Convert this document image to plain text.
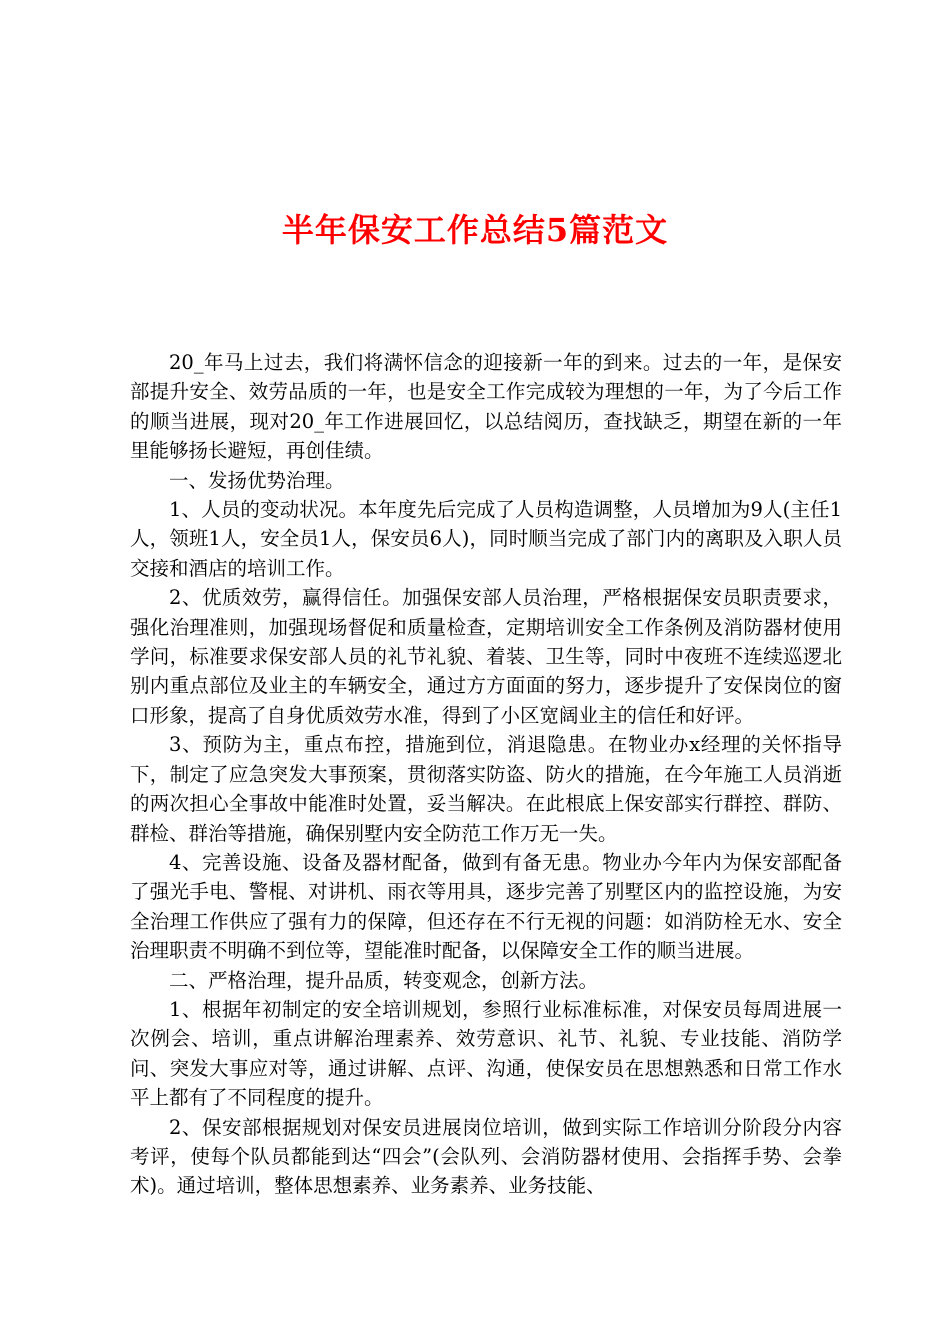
半年保安工作总结5篇范文

20_年马上过去，我们将满怀信念的迎接新一年的到来。过去的一年，是保安部提升安全、效劳品质的一年，也是安全工作完成较为理想的一年，为了今后工作的顺当进展，现对20_年工作进展回忆，以总结阅历，查找缺乏，期望在新的一年里能够扬长避短，再创佳绩。

一、发扬优势治理。

1、人员的变动状况。本年度先后完成了人员构造调整，人员增加为9人(主任1人，领班1人，安全员1人，保安员6人)，同时顺当完成了部门内的离职及入职人员交接和酒店的培训工作。

2、优质效劳，赢得信任。加强保安部人员治理，严格根据保安员职责要求，强化治理准则，加强现场督促和质量检查，定期培训安全工作条例及消防器材使用学问，标准要求保安部人员的礼节礼貌、着装、卫生等，同时中夜班不连续巡逻北别内重点部位及业主的车辆安全，通过方方面面的努力，逐步提升了安保岗位的窗口形象，提高了自身优质效劳水准，得到了小区宽阔业主的信任和好评。

3、预防为主，重点布控，措施到位，消退隐患。在物业办x经理的关怀指导下，制定了应急突发大事预案，贯彻落实防盗、防火的措施，在今年施工人员消逝的两次担心全事故中能准时处置，妥当解决。在此根底上保安部实行群控、群防、群检、群治等措施，确保别墅内安全防范工作万无一失。

4、完善设施、设备及器材配备，做到有备无患。物业办今年内为保安部配备了强光手电、警棍、对讲机、雨衣等用具，逐步完善了别墅区内的监控设施，为安全治理工作供应了强有力的保障，但还存在不行无视的问题：如消防栓无水、安全治理职责不明确不到位等，望能准时配备，以保障安全工作的顺当进展。

二、严格治理，提升品质，转变观念，创新方法。

1、根据年初制定的安全培训规划，参照行业标准标准，对保安员每周进展一次例会、培训，重点讲解治理素养、效劳意识、礼节、礼貌、专业技能、消防学问、突发大事应对等，通过讲解、点评、沟通，使保安员在思想熟悉和日常工作水平上都有了不同程度的提升。

2、保安部根据规划对保安员进展岗位培训，做到实际工作培训分阶段分内容考评，使每个队员都能到达“四会”(会队列、会消防器材使用、会指挥手势、会拳术)。通过培训，整体思想素养、业务素养、业务技能、
